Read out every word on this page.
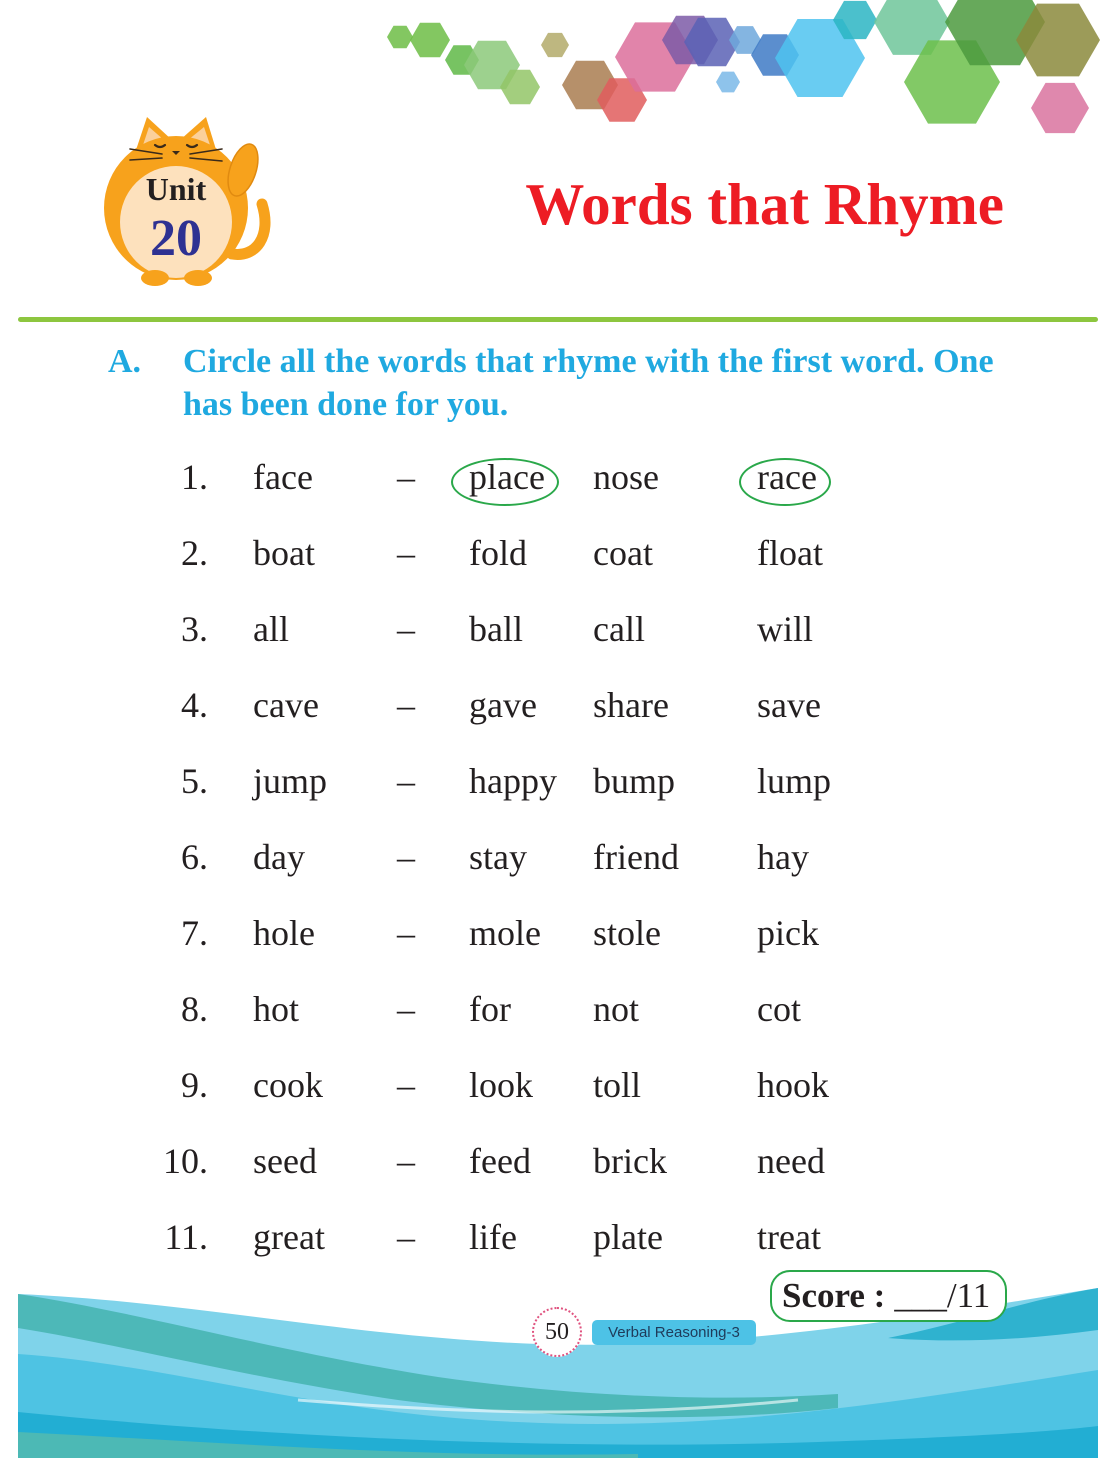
Unit
20
Words that Rhyme
A. Circle all the words that rhyme with the first word. One
has been done for you.
1. face – place nose	race
2. boat – fold coat	float
3. all	– ball call	will
4. cave – gave share save
5. jump – happy bump lump
6. day	– stay friend hay
7. hole – mole stole	pick
8. hot	– for not	cot
9. cook – look toll	hook
10. seed – feed brick	need
11. great – life plate	treat
Score : ___/11
50	Verbal Reasoning-3
